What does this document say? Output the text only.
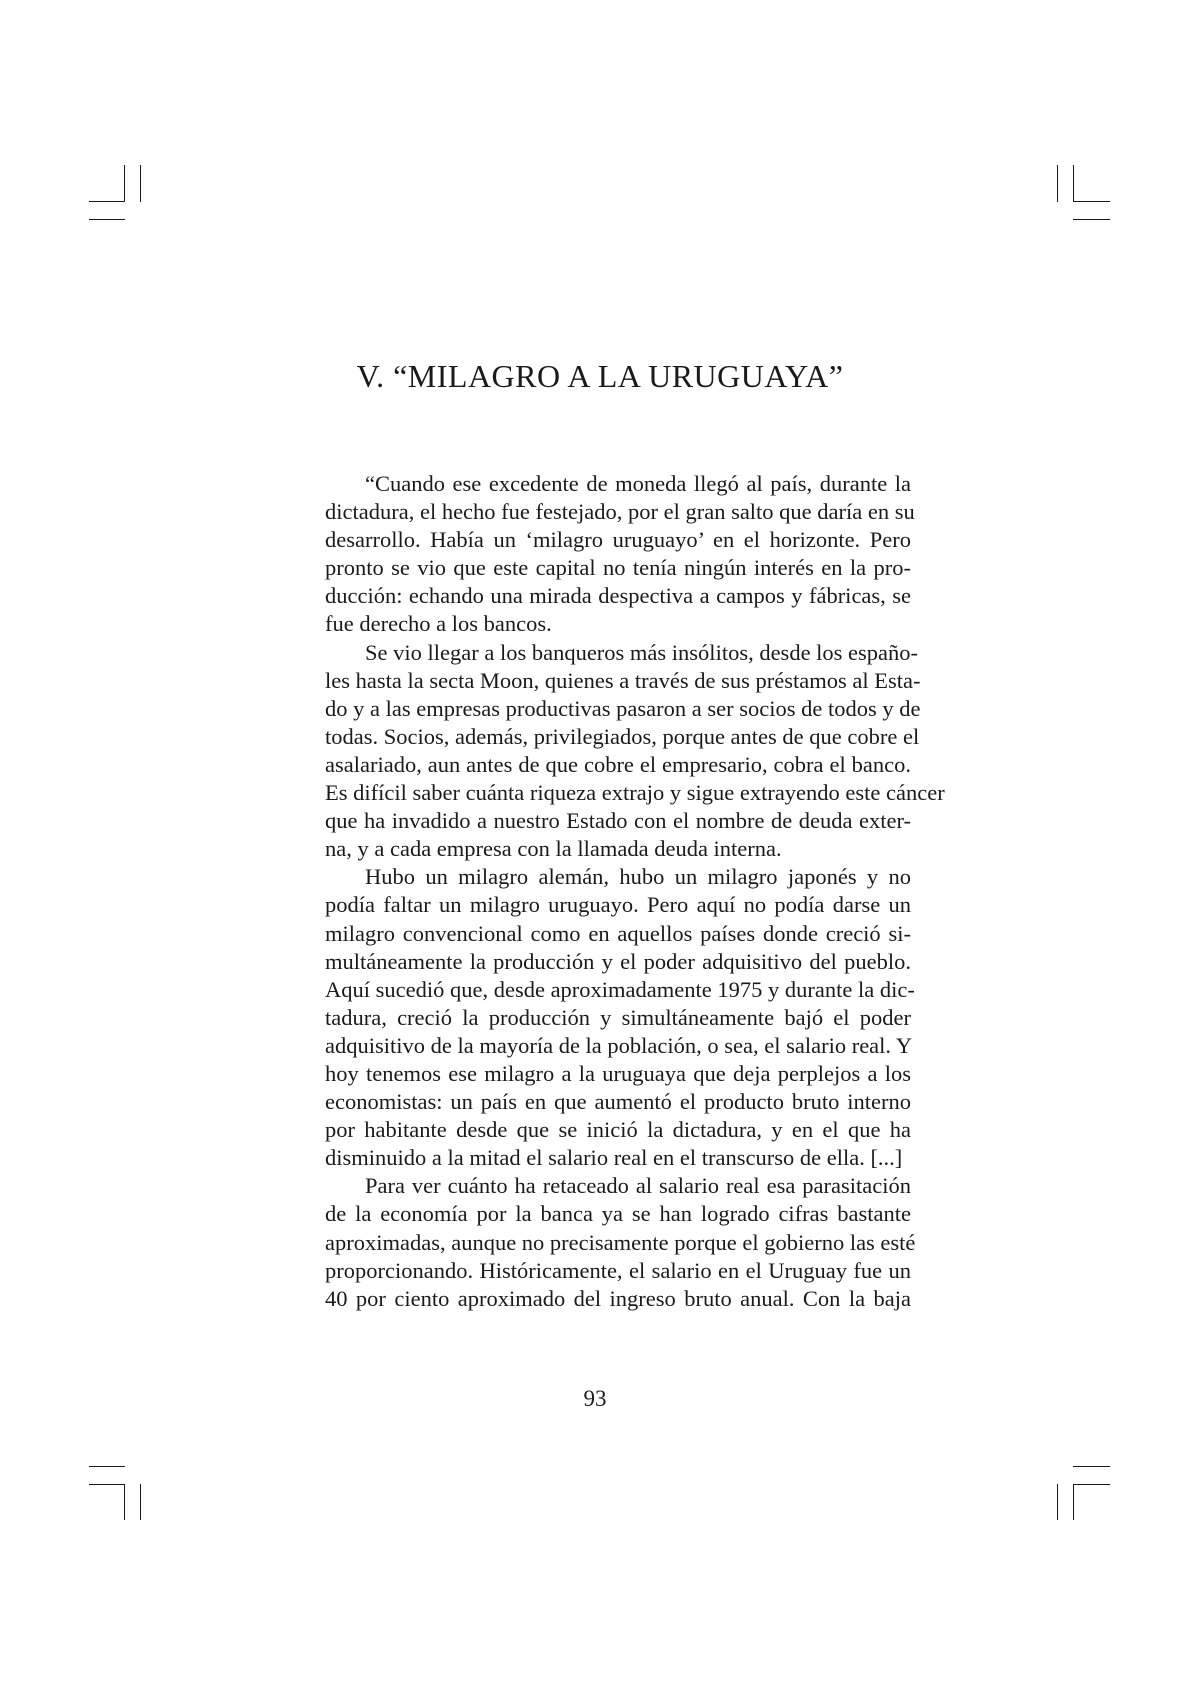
V. “MILAGRO A LA URUGUAYA”
“Cuando ese excedente de moneda llegó al país, durante la
dictadura, el hecho fue festejado, por el gran salto que daría en su
desarrollo. Había un ‘milagro uruguayo’ en el horizonte. Pero
pronto se vio que este capital no tenía ningún interés en la pro-
ducción: echando una mirada despectiva a campos y fábricas, se
fue derecho a los bancos.
Se vio llegar a los banqueros más insólitos, desde los españo-
les hasta la secta Moon, quienes a través de sus préstamos al Esta-
do y a las empresas productivas pasaron a ser socios de todos y de
todas. Socios, además, privilegiados, porque antes de que cobre el
asalariado, aun antes de que cobre el empresario, cobra el banco.
Es difícil saber cuánta riqueza extrajo y sigue extrayendo este cáncer
que ha invadido a nuestro Estado con el nombre de deuda exter-
na, y a cada empresa con la llamada deuda interna.
Hubo un milagro alemán, hubo un milagro japonés y no
podía faltar un milagro uruguayo. Pero aquí no podía darse un
milagro convencional como en aquellos países donde creció si-
multáneamente la producción y el poder adquisitivo del pueblo.
Aquí sucedió que, desde aproximadamente 1975 y durante la dic-
tadura, creció la producción y simultáneamente bajó el poder
adquisitivo de la mayoría de la población, o sea, el salario real. Y
hoy tenemos ese milagro a la uruguaya que deja perplejos a los
economistas: un país en que aumentó el producto bruto interno
por habitante desde que se inició la dictadura, y en el que ha
disminuido a la mitad el salario real en el transcurso de ella. [...]
Para ver cuánto ha retaceado al salario real esa parasitación
de la economía por la banca ya se han logrado cifras bastante
aproximadas, aunque no precisamente porque el gobierno las esté
proporcionando. Históricamente, el salario en el Uruguay fue un
40 por ciento aproximado del ingreso bruto anual. Con la baja
93
